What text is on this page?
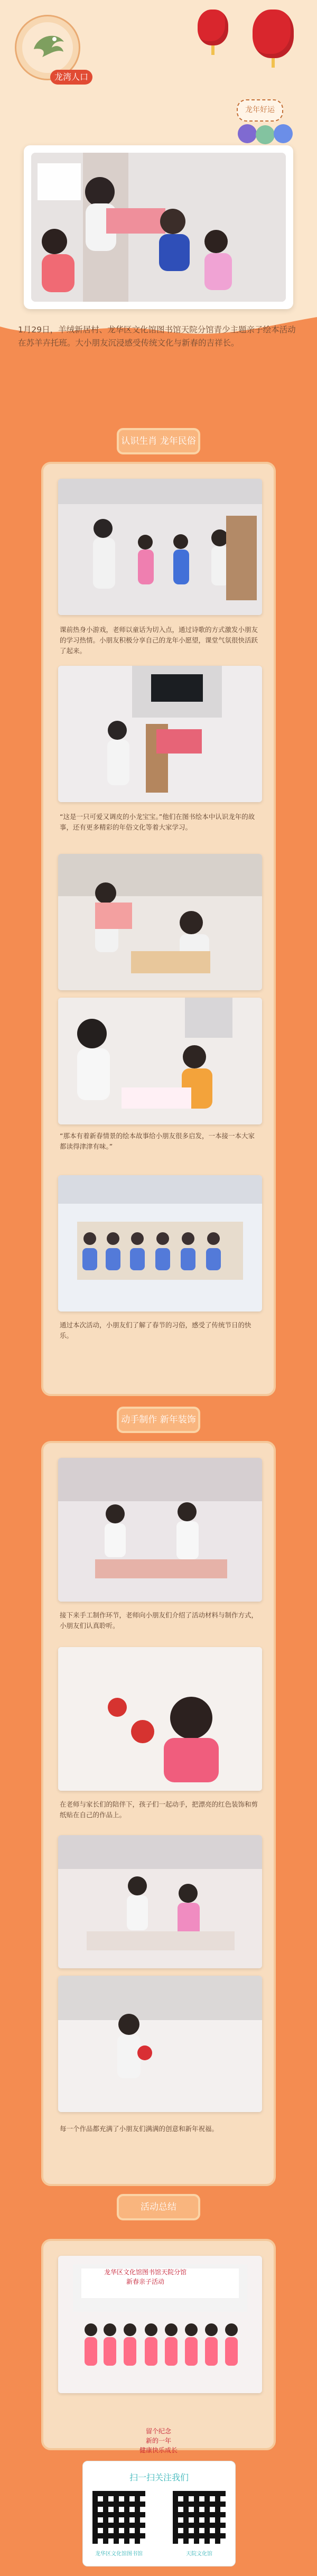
龙湾人口
龙年好运
1月29日，羊绒新居村、龙华区文化馆图书馆天院分馆青少主题亲子绘本活动在苏羊卉托班。大小朋友沉浸感受传统文化与新春的吉祥长。
认识生肖 龙年民俗
课前热身小游戏，老师以童话为切入点，通过诗歌的方式激发小朋友的学习热情。小朋友积极分享自己的龙年小愿望，课堂气氛很快活跃了起来。
“这是一只可爱又调皮的小龙宝宝。”他们在图书绘本中认识龙年的故事，还有更多精彩的年俗文化等着大家学习。
“那本有着新春情景的绘本故事给小朋友很多启发，一本接一本大家都读得津津有味。”
通过本次活动，小朋友们了解了春节的习俗，感受了传统节日的快乐。
动手制作 新年装饰
接下来手工制作环节，老师向小朋友们介绍了活动材料与制作方式，小朋友们认真聆听。
在老师与家长们的陪伴下，孩子们一起动手，把漂亮的红色装饰和剪纸贴在自己的作品上。
每一个作品都充满了小朋友们满满的创意和新年祝福。
活动总结
龙华区文化馆图书馆天院分馆
新春亲子活动
留个纪念
新的一年
健康快乐成长
扫一扫关注我们
龙华区文化馆图书馆	天院文化馆
